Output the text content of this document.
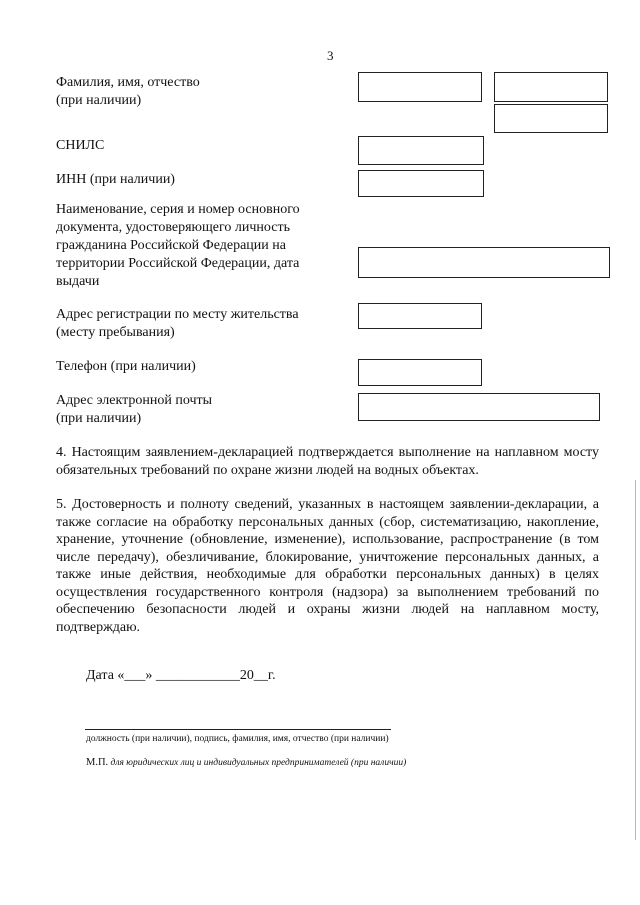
3
Фамилия, имя, отчество
(при наличии)
СНИЛС
ИНН (при наличии)
Наименование, серия и номер основного
документа, удостоверяющего личность
гражданина Российской Федерации на
территории Российской Федерации, дата
выдачи
Адрес регистрации по месту жительства
(месту пребывания)
Телефон (при наличии)
Адрес электронной почты
(при наличии)
4. Настоящим заявлением-декларацией подтверждается выполнение на наплавном мосту обязательных требований по охране жизни людей на водных объектах.
5. Достоверность и полноту сведений, указанных в настоящем заявлении-декларации, а также согласие на обработку персональных данных (сбор, систематизацию, накопление, хранение, уточнение (обновление, изменение), использование, распространение (в том числе передачу), обезличивание, блокирование, уничтожение персональных данных, а также иные действия, необходимые для обработки персональных данных) в целях осуществления государственного контроля (надзора) за выполнением требований по обеспечению безопасности людей и охраны жизни людей на наплавном мосту, подтверждаю.
Дата «___» ____________20__г.
должность (при наличии), подпись, фамилия, имя, отчество (при наличии)
М.П. для юридических лиц и индивидуальных предпринимателей (при наличии)
